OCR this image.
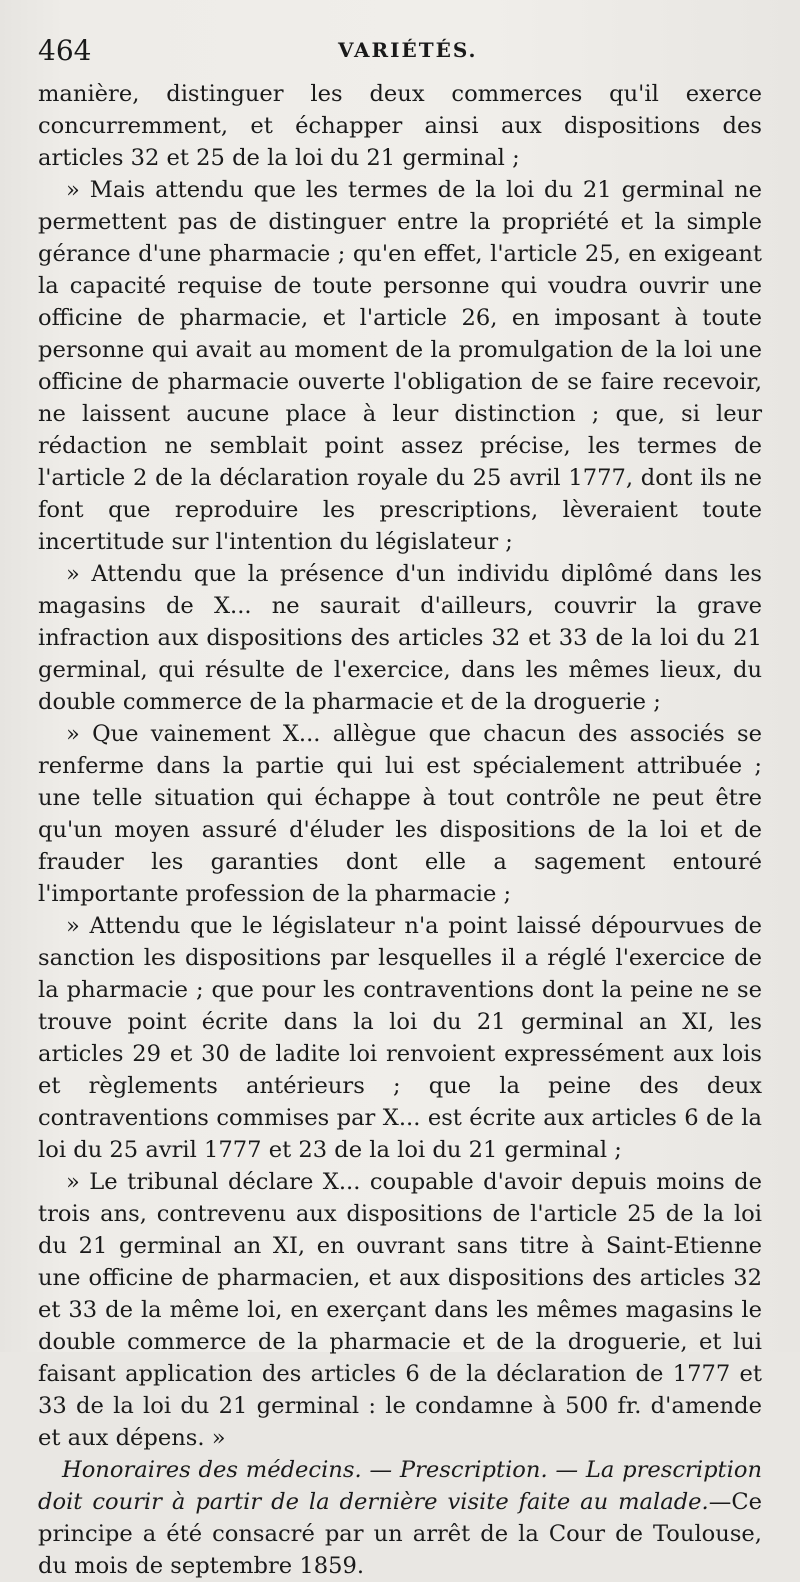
464	VARIÉTÉS.

manière, distinguer les deux commerces qu'il exerce concurremment, et échapper ainsi aux dispositions des articles 32 et 25 de la loi du 21 germinal ;

» Mais attendu que les termes de la loi du 21 germinal ne permettent pas de distinguer entre la propriété et la simple gérance d'une pharmacie ; qu'en effet, l'article 25, en exigeant la capacité requise de toute personne qui voudra ouvrir une officine de pharmacie, et l'article 26, en imposant à toute personne qui avait au moment de la promulgation de la loi une officine de pharmacie ouverte l'obligation de se faire recevoir, ne laissent aucune place à leur distinction ; que, si leur rédaction ne semblait point assez précise, les termes de l'article 2 de la déclaration royale du 25 avril 1777, dont ils ne font que reproduire les prescriptions, lèveraient toute incertitude sur l'intention du législateur ;

» Attendu que la présence d'un individu diplômé dans les magasins de X... ne saurait d'ailleurs, couvrir la grave infraction aux dispositions des articles 32 et 33 de la loi du 21 germinal, qui résulte de l'exercice, dans les mêmes lieux, du double commerce de la pharmacie et de la droguerie ;

» Que vainement X... allègue que chacun des associés se renferme dans la partie qui lui est spécialement attribuée ; une telle situation qui échappe à tout contrôle ne peut être qu'un moyen assuré d'éluder les dispositions de la loi et de frauder les garanties dont elle a sagement entouré l'importante profession de la pharmacie ;

» Attendu que le législateur n'a point laissé dépourvues de sanction les dispositions par lesquelles il a réglé l'exercice de la pharmacie ; que pour les contraventions dont la peine ne se trouve point écrite dans la loi du 21 germinal an XI, les articles 29 et 30 de ladite loi renvoient expressément aux lois et règlements antérieurs ; que la peine des deux contraventions commises par X... est écrite aux articles 6 de la loi du 25 avril 1777 et 23 de la loi du 21 germinal ;

» Le tribunal déclare X... coupable d'avoir depuis moins de trois ans, contrevenu aux dispositions de l'article 25 de la loi du 21 germinal an XI, en ouvrant sans titre à Saint-Etienne une officine de pharmacien, et aux dispositions des articles 32 et 33 de la même loi, en exerçant dans les mêmes magasins le double commerce de la pharmacie et de la droguerie, et lui faisant application des articles 6 de la déclaration de 1777 et 33 de la loi du 21 germinal : le condamne à 500 fr. d'amende et aux dépens. »

Honoraires des médecins. — Prescription. — La prescription doit courir à partir de la dernière visite faite au malade.—Ce principe a été consacré par un arrêt de la Cour de Toulouse, du mois de septembre 1859.
